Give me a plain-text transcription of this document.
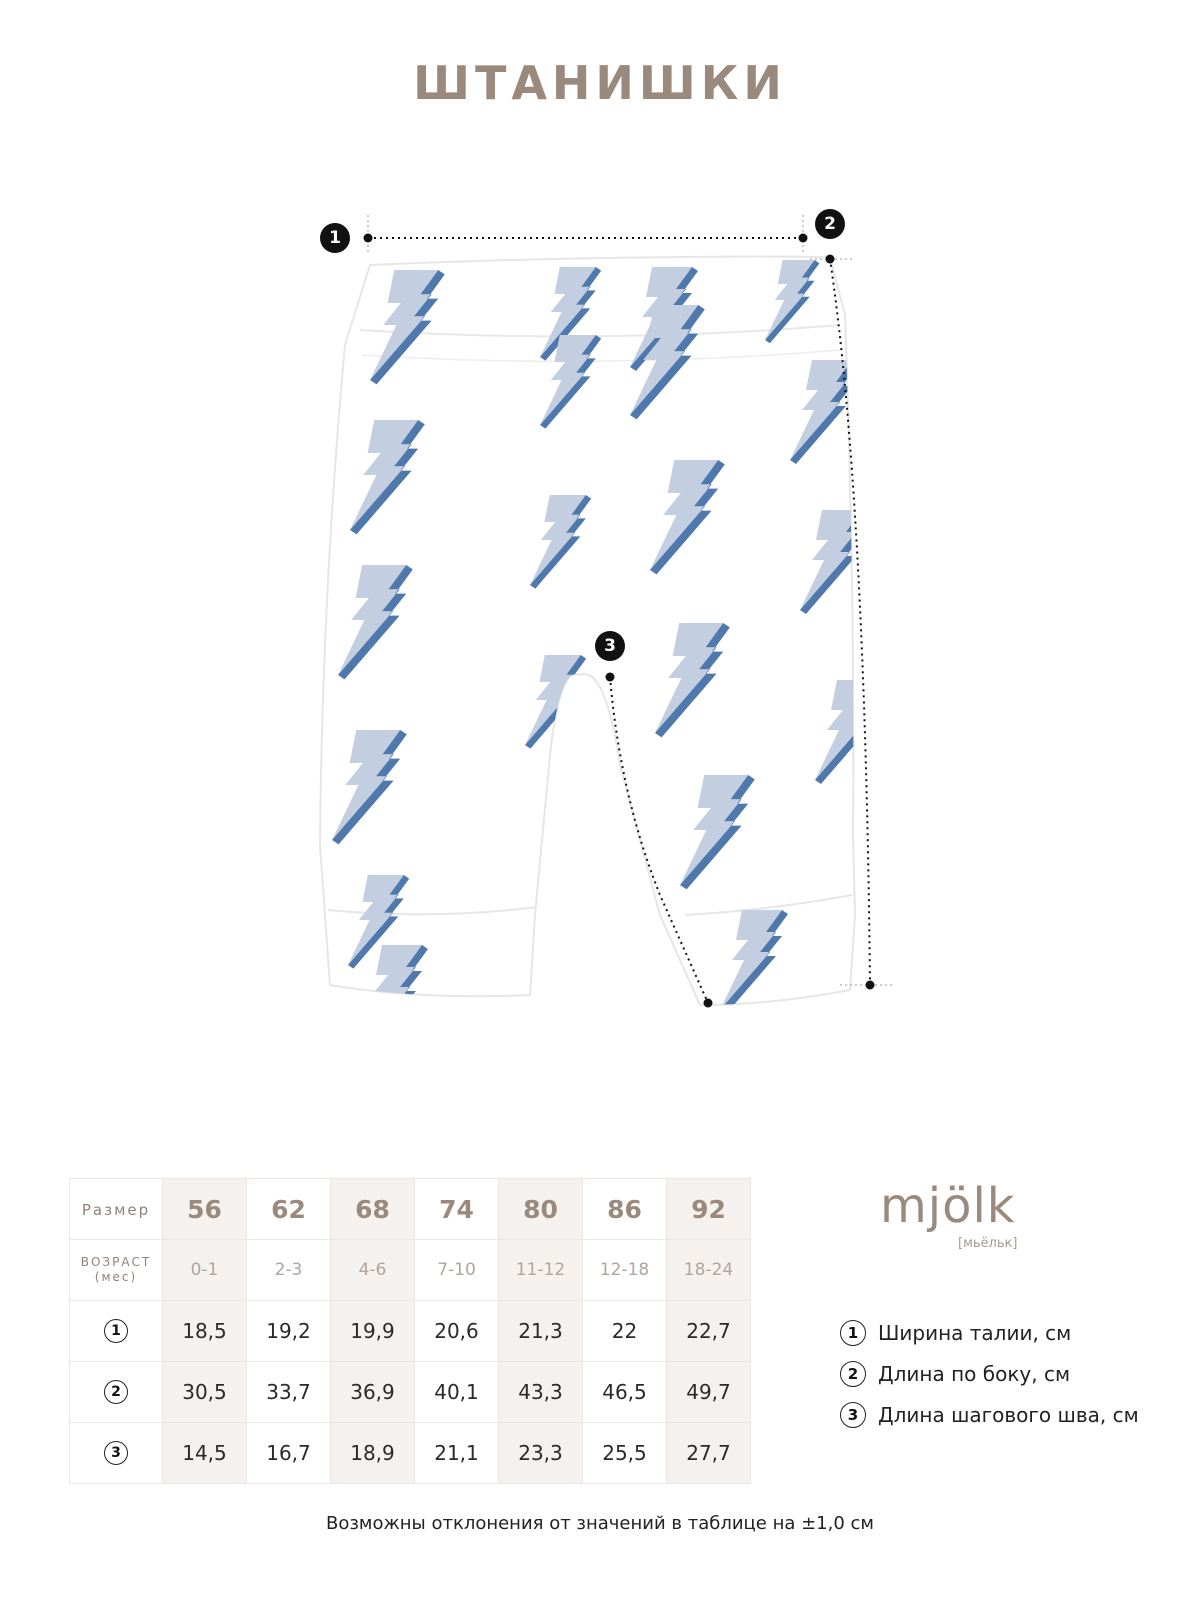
ШТАНИШКИ
1
2
3
Размер	56	62	68	74	80	86	92

ВОЗРАСТ
(мес)	0-1	2-3	4-6	7-10	11-12	12-18	18-24
1	18,5	19,2	19,9	20,6	21,3	22	22,7
2	30,5	33,7	36,9	40,1	43,3	46,5	49,7
3	14,5	16,7	18,9	21,1	23,3	25,5	27,7
mjölk
[мьёльк]
1 Ширина талии, см
2 Длина по боку, см
3 Длина шагового шва, см
Возможны отклонения от значений в таблице на ±1,0 см
